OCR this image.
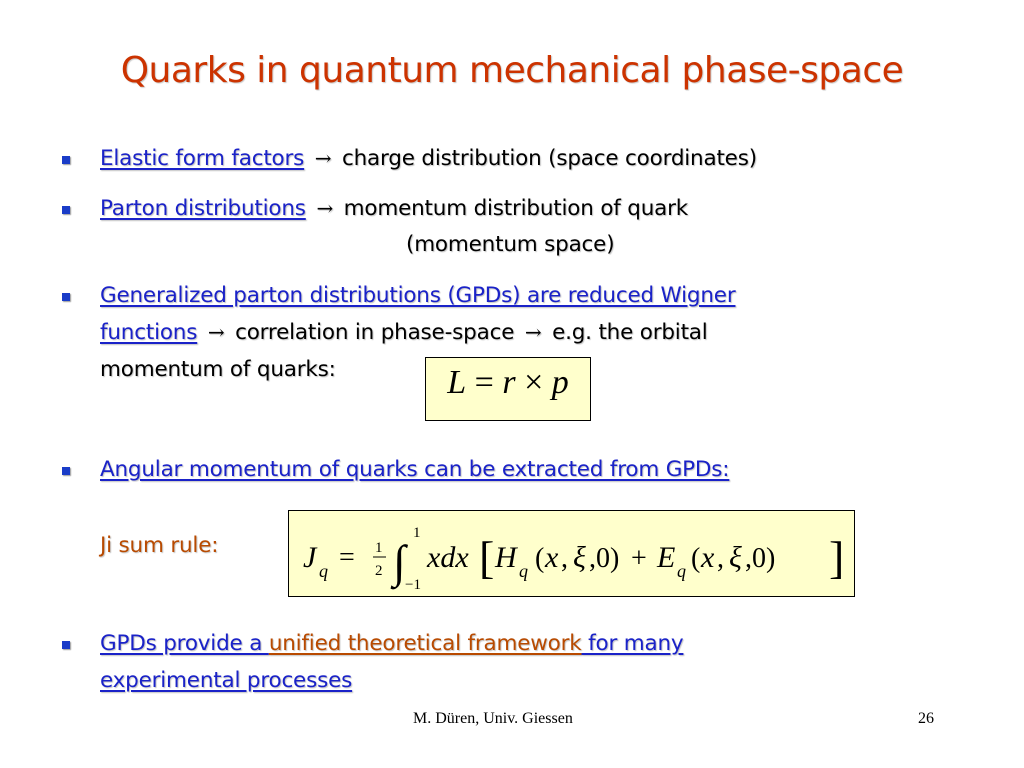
Quarks in quantum mechanical phase-space
Elastic form factors → charge distribution (space coordinates)
Parton distributions → momentum distribution of quark
(momentum space)
Generalized parton distributions (GPDs) are reduced Wigner
functions → correlation in phase-space → e.g. the orbital
momentum of quarks:	L = r × p
Angular momentum of quarks can be extracted from GPDs:
Ji sum rule:	J q = 1
2 ∫
1
−1
xdx [ H q ( x , ξ ,0) + E q ( x , ξ ,0) ]
GPDs provide a unified theoretical framework for many
experimental processes
M. Düren, Univ. Giessen	26
